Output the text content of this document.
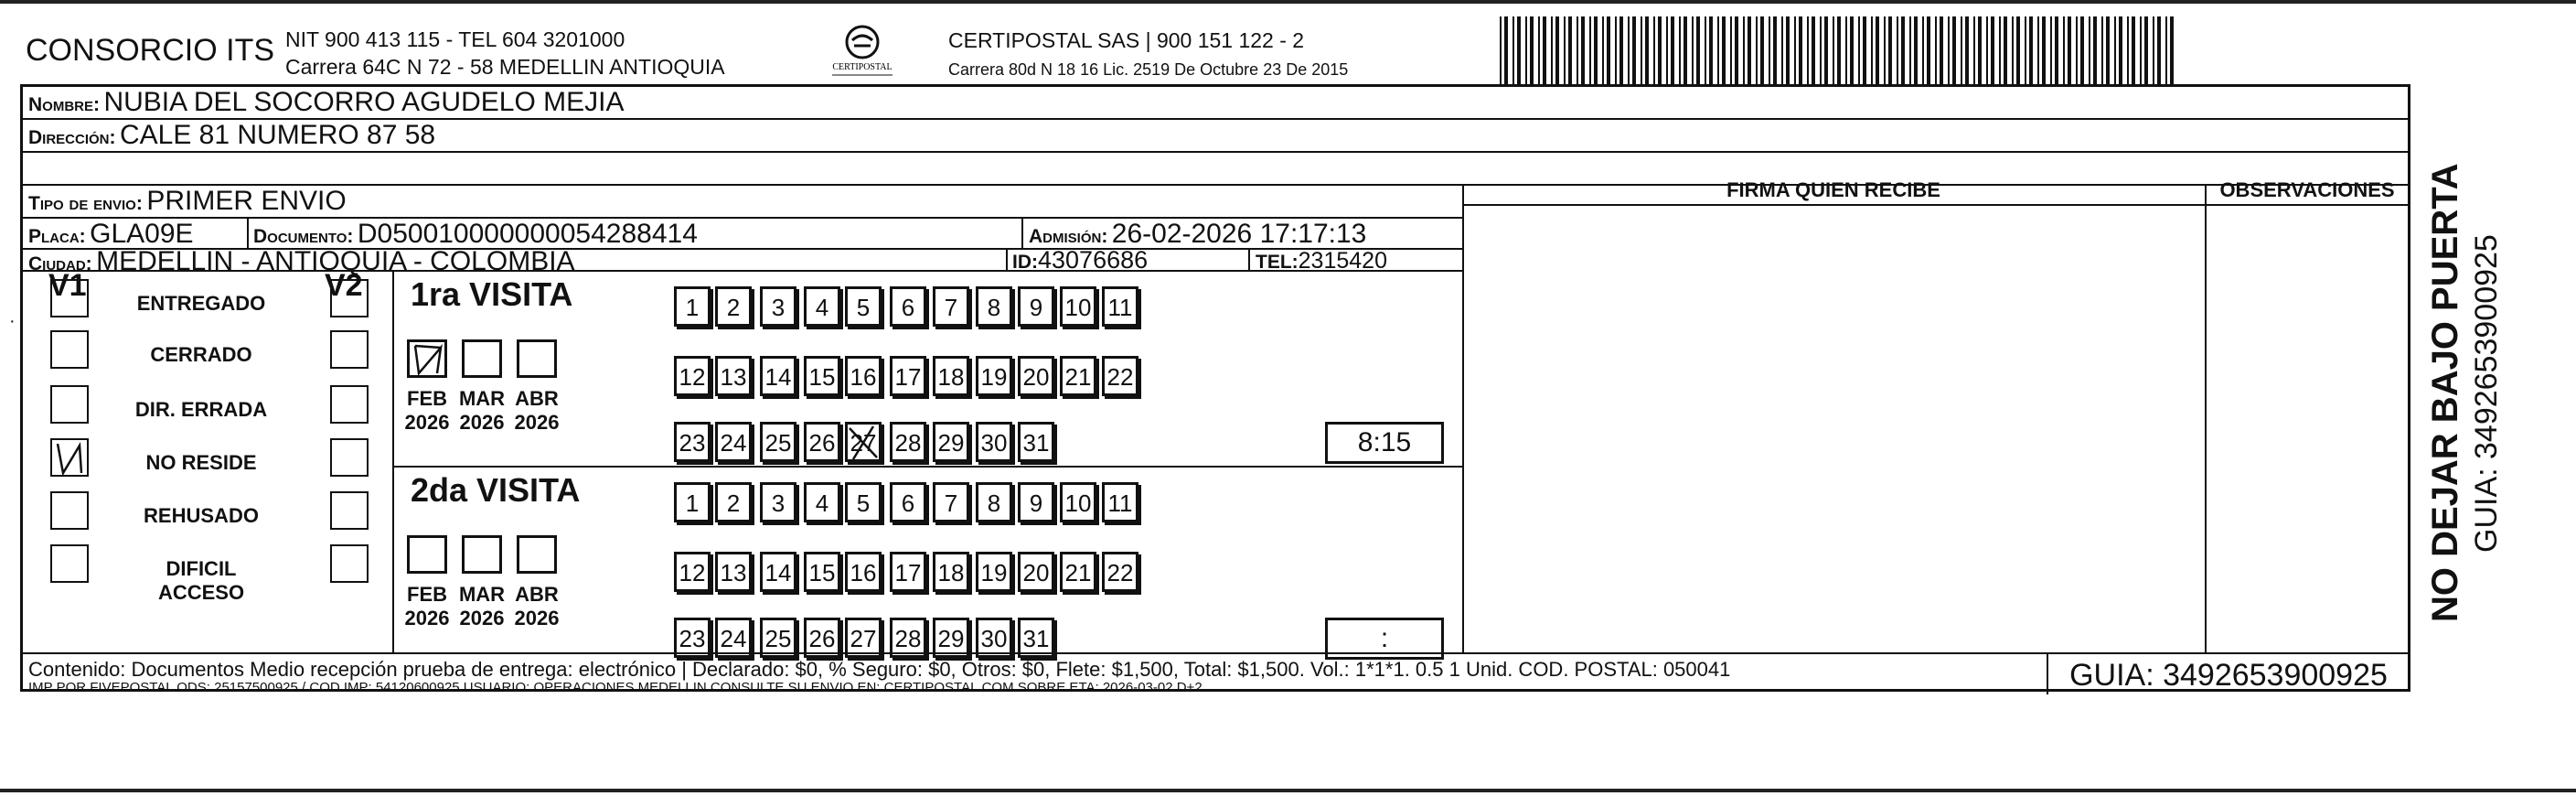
CONSORCIO ITS NIT 900 413 115 - TEL 604 3201000
Carrera 64C N 72 - 58 MEDELLIN ANTIOQUIA	CERTIPOSTAL
CERTIPOSTAL SAS | 900 151 122 - 2
Carrera 80d N 18 16 Lic. 2519 De Octubre 23 De 2015
Nombre: NUBIA DEL SOCORRO AGUDELO MEJIA
Dirección: CALE 81 NUMERO 87 58
Tipo de envio: PRIMER ENVIO
Placa: GLA09E	Documento: D050010000000054288414	Admisión: 26-02-2026 17:17:13
Ciudad: MEDELLIN - ANTIOQUIA - COLOMBIA	ID:43076686	TEL:2315420
FIRMA QUIEN RECIBE	OBSERVACIONES
V1	V2
ENTREGADO
CERRADO
DIR. ERRADA
NO RESIDE
REHUSADO
DIFICIL ACCESO
1ra VISITA
FEB
2026
MAR
2026
ABR
2026
1	2	3	4	5	6	7	8	9 10 11
12 13 14 15 16 17 18 19 20 21 22
23 24 25 26 27 28 29 30 31	8:15
2da VISITA
FEB
2026
MAR
2026
ABR
2026
1	2	3	4	5	6	7	8	9 10 11
12 13 14 15 16 17 18 19 20 21 22
23 24 25 26 27 28 29 30 31	:
Contenido: Documentos Medio recepción prueba de entrega: electrónico | Declarado: $0, % Seguro: $0, Otros: $0, Flete: $1,500, Total: $1,500. Vol.: 1*1*1. 0.5 1 Unid. COD. POSTAL: 050041
IMP POR FIVEPOSTAL ODS: 25157500925 / COD.IMP: 54120600925 USUARIO: OPERACIONES MEDELLIN CONSULTE SU ENVIO EN: CERTIPOSTAL.COM SOBRE ETA: 2026-03-02 D+2	GUIA: 3492653900925
NO DEJAR BAJO PUERTA GUIA: 3492653900925
·
